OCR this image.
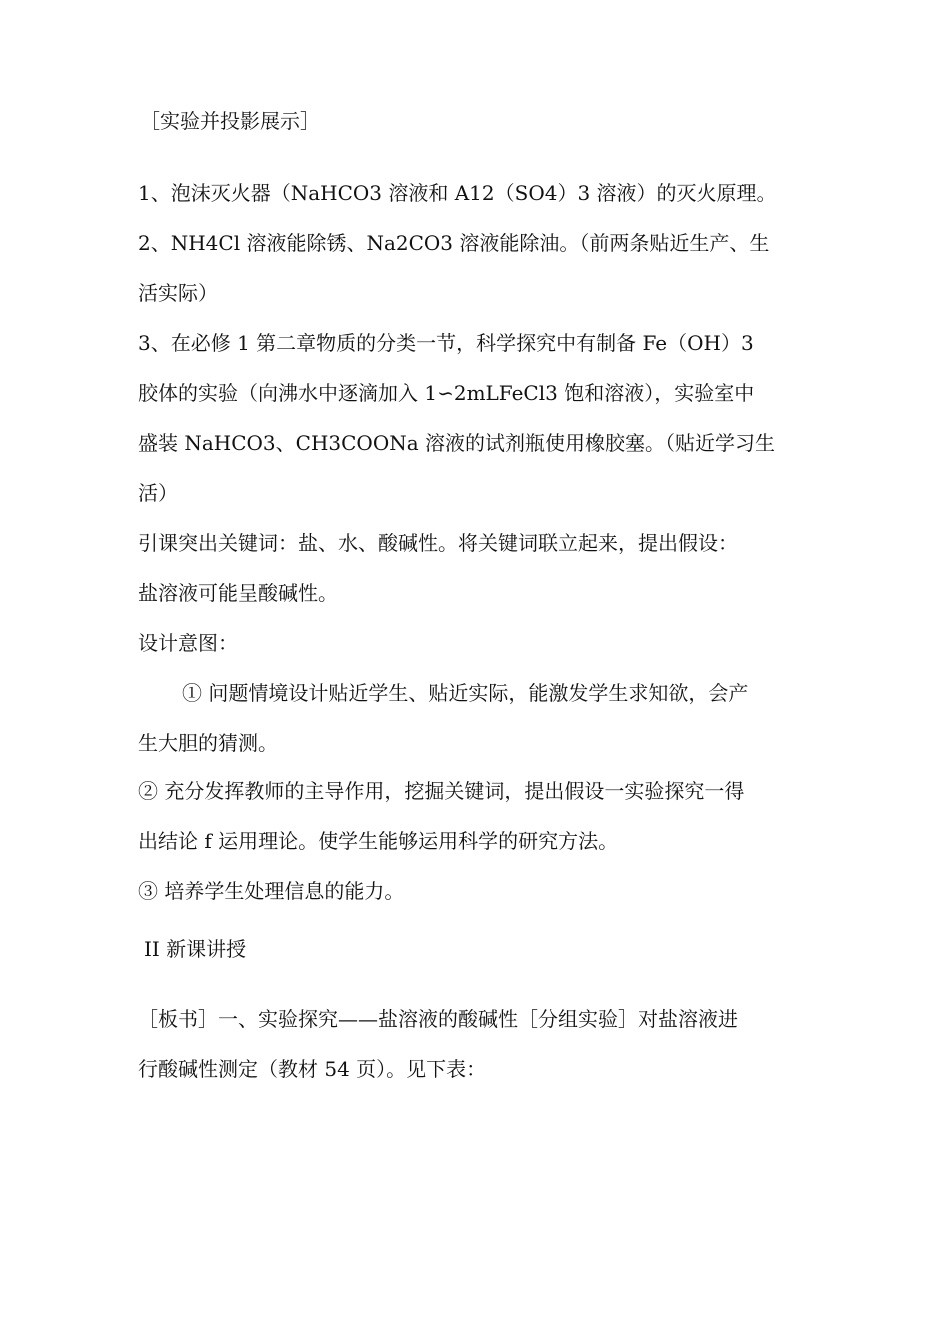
［实验并投影展示］
1、泡沫灭火器（NaHCO3 溶液和 A12（SO4）3 溶液）的灭火原理。
2、NH4Cl 溶液能除锈、Na2CO3 溶液能除油。（前两条贴近生产、生
活实际）
3、在必修 1 第二章物质的分类一节，科学探究中有制备 Fe（OH）3
胶体的实验（向沸水中逐滴加入 1∽2mLFeCl3 饱和溶液），实验室中
盛装 NaHCO3、CH3COONa 溶液的试剂瓶使用橡胶塞。（贴近学习生
活）
引课突出关键词：盐、水、酸碱性。将关键词联立起来，提出假设：
盐溶液可能呈酸碱性。
设计意图：
① 问题情境设计贴近学生、贴近实际，能激发学生求知欲，会产
生大胆的猜测。
② 充分发挥教师的主导作用，挖掘关键词，提出假设一实验探究一得
出结论 f 运用理论。使学生能够运用科学的研究方法。
③ 培养学生处理信息的能力。
II 新课讲授
［板书］一、实验探究——盐溶液的酸碱性［分组实验］对盐溶液进
行酸碱性测定（教材 54 页）。见下表：
